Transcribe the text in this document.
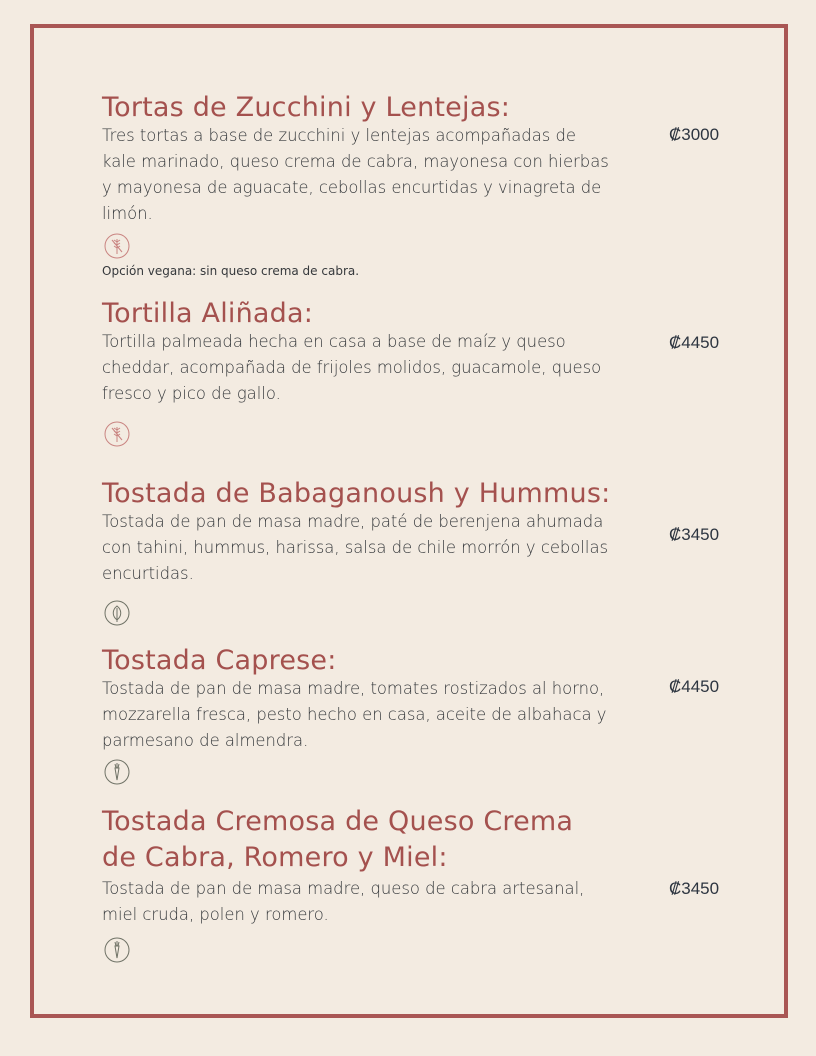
Tortas de Zucchini y Lentejas:

Tres tortas a base de zucchini y lentejas acompañadas de kale marinado, queso crema de cabra, mayonesa con hierbas y mayonesa de aguacate, cebollas encurtidas y vinagreta de limón.

₡3000
Opción vegana: sin queso crema de cabra.
Tortilla Aliñada:

Tortilla palmeada hecha en casa a base de maíz y queso cheddar, acompañada de frijoles molidos, guacamole, queso fresco y pico de gallo.

₡4450
Tostada de Babaganoush y Hummus:

Tostada de pan de masa madre, paté de berenjena ahumada con tahini, hummus, harissa, salsa de chile morrón y cebollas encurtidas.

₡3450
Tostada Caprese:

Tostada de pan de masa madre, tomates rostizados al horno, mozzarella fresca, pesto hecho en casa, aceite de albahaca y parmesano de almendra.

₡4450
Tostada Cremosa de Queso Crema de Cabra, Romero y Miel:

Tostada de pan de masa madre, queso de cabra artesanal, miel cruda, polen y romero.

₡3450
